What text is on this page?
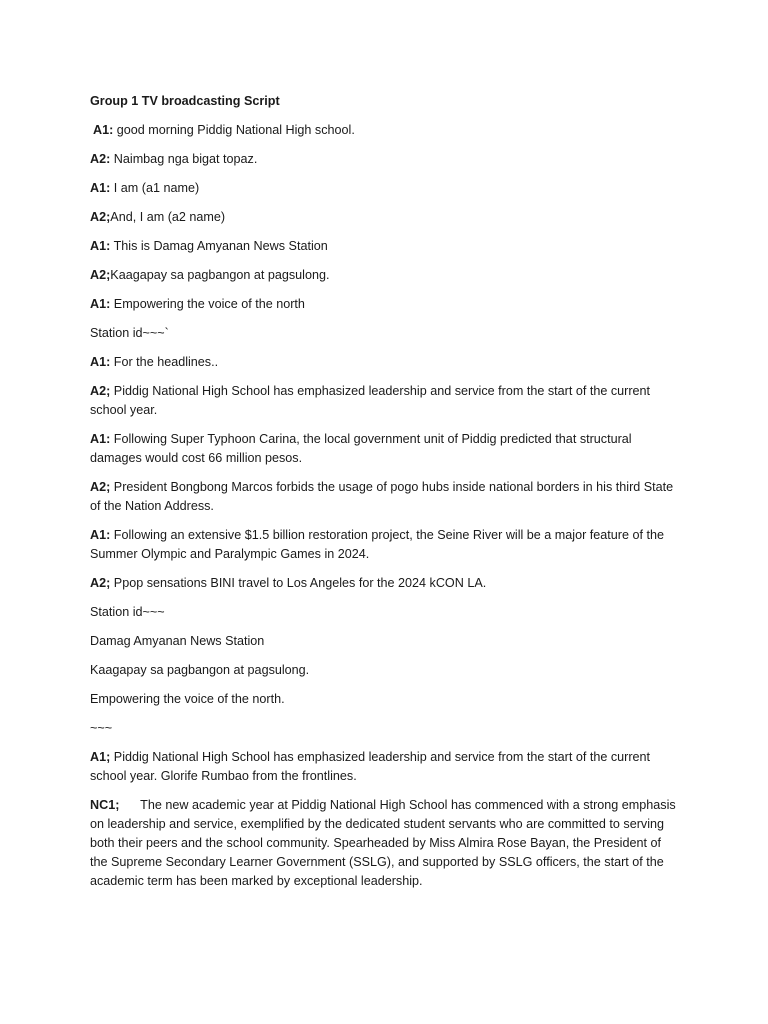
Group 1 TV broadcasting Script

A1: good morning Piddig National High school.

A2: Naimbag nga bigat topaz.

A1: I am (a1 name)

A2;And, I am (a2 name)

A1: This is Damag Amyanan News Station

A2;Kaagapay sa pagbangon at pagsulong.

A1: Empowering the voice of the north

Station id~~~`

A1: For the headlines..

A2; Piddig National High School has emphasized leadership and service from the start of the current school year.

A1: Following Super Typhoon Carina, the local government unit of Piddig predicted that structural damages would cost 66 million pesos.

A2; President Bongbong Marcos forbids the usage of pogo hubs inside national borders in his third State of the Nation Address.

A1: Following an extensive $1.5 billion restoration project, the Seine River will be a major feature of the Summer Olympic and Paralympic Games in 2024.

A2; Ppop sensations BINI travel to Los Angeles for the 2024 kCON LA.

Station id~~~

Damag Amyanan News Station

Kaagapay sa pagbangon at pagsulong.

Empowering the voice of the north.

~~~

A1; Piddig National High School has emphasized leadership and service from the start of the current school year. Glorife Rumbao from the frontlines.

NC1;      The new academic year at Piddig National High School has commenced with a strong emphasis on leadership and service, exemplified by the dedicated student servants who are committed to serving both their peers and the school community. Spearheaded by Miss Almira Rose Bayan, the President of the Supreme Secondary Learner Government (SSLG), and supported by SSLG officers, the start of the academic term has been marked by exceptional leadership.
